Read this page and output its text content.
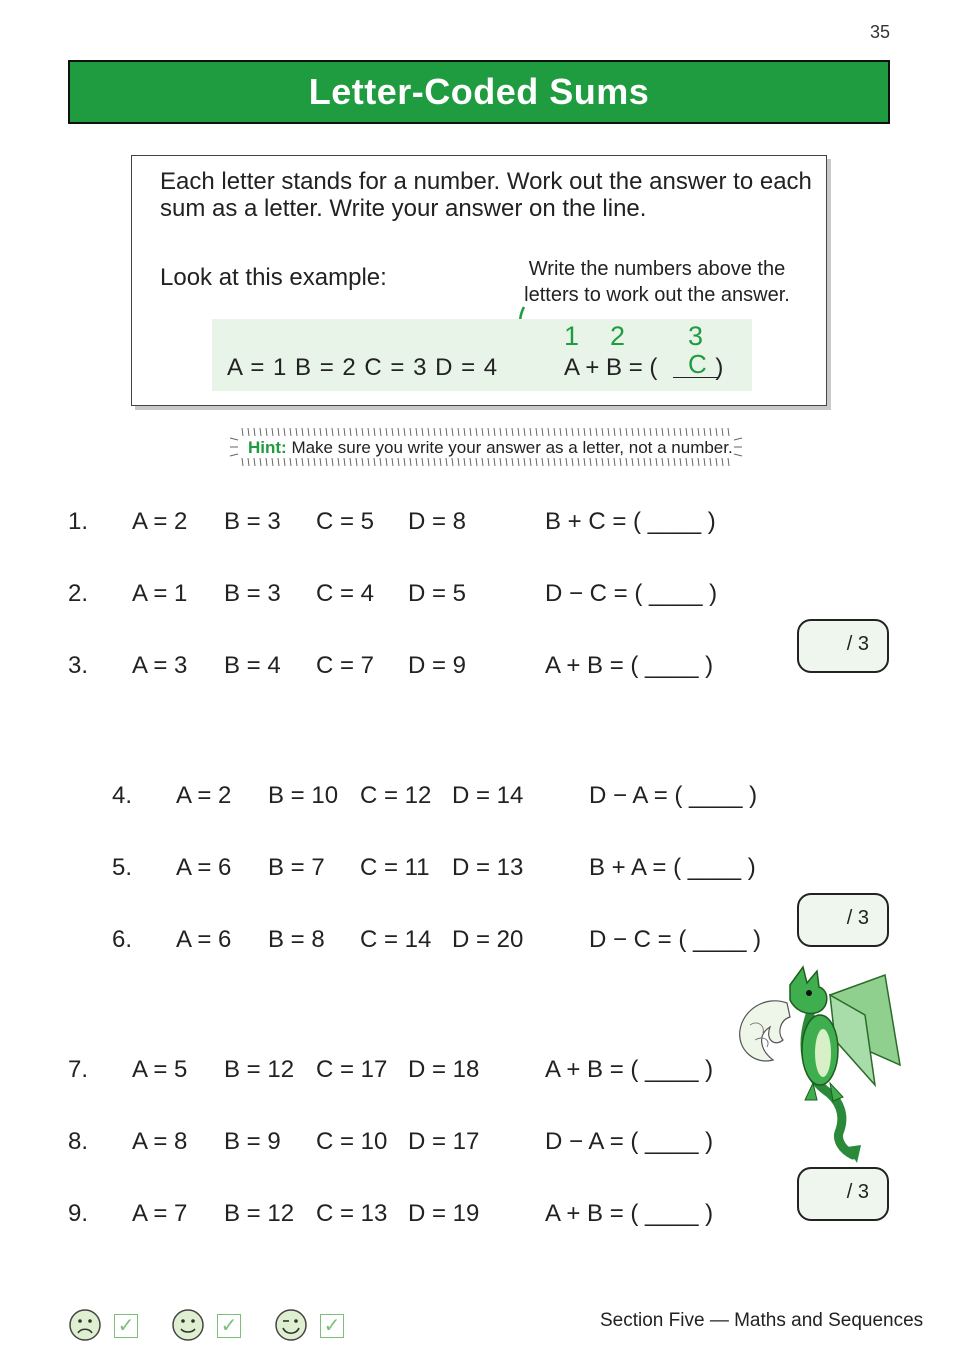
35
Letter-Coded Sums
Each letter stands for a number. Work out the answer to each sum as a letter. Write your answer on the line.
Look at this example:	Write the numbers above the letters to work out the answer.
A = 1 B = 2 C = 3 D = 4	A + B = ( )
1 2 3
C
Hint: Make sure you write your answer as a letter, not a number.
1. A = 2 B = 3 C = 5 D = 8	B + C = ( ____ )
2. A = 1 B = 3 C = 4 D = 5	D − C = ( ____ )
3. A = 3 B = 4 C = 7 D = 9	A + B = ( ____ )
/ 3
4. A = 2 B = 10 C = 12 D = 14	D − A = ( ____ )
5. A = 6 B = 7 C = 11 D = 13	B + A = ( ____ )
6. A = 6 B = 8 C = 14 D = 20	D − C = ( ____ )
/ 3
7. A = 5 B = 12 C = 17 D = 18	A + B = ( ____ )
8. A = 8 B = 9 C = 10 D = 17	D − A = ( ____ )
9. A = 7 B = 12 C = 13 D = 19	A + B = ( ____ )
/ 3
✓	✓	✓	Section Five — Maths and Sequences
